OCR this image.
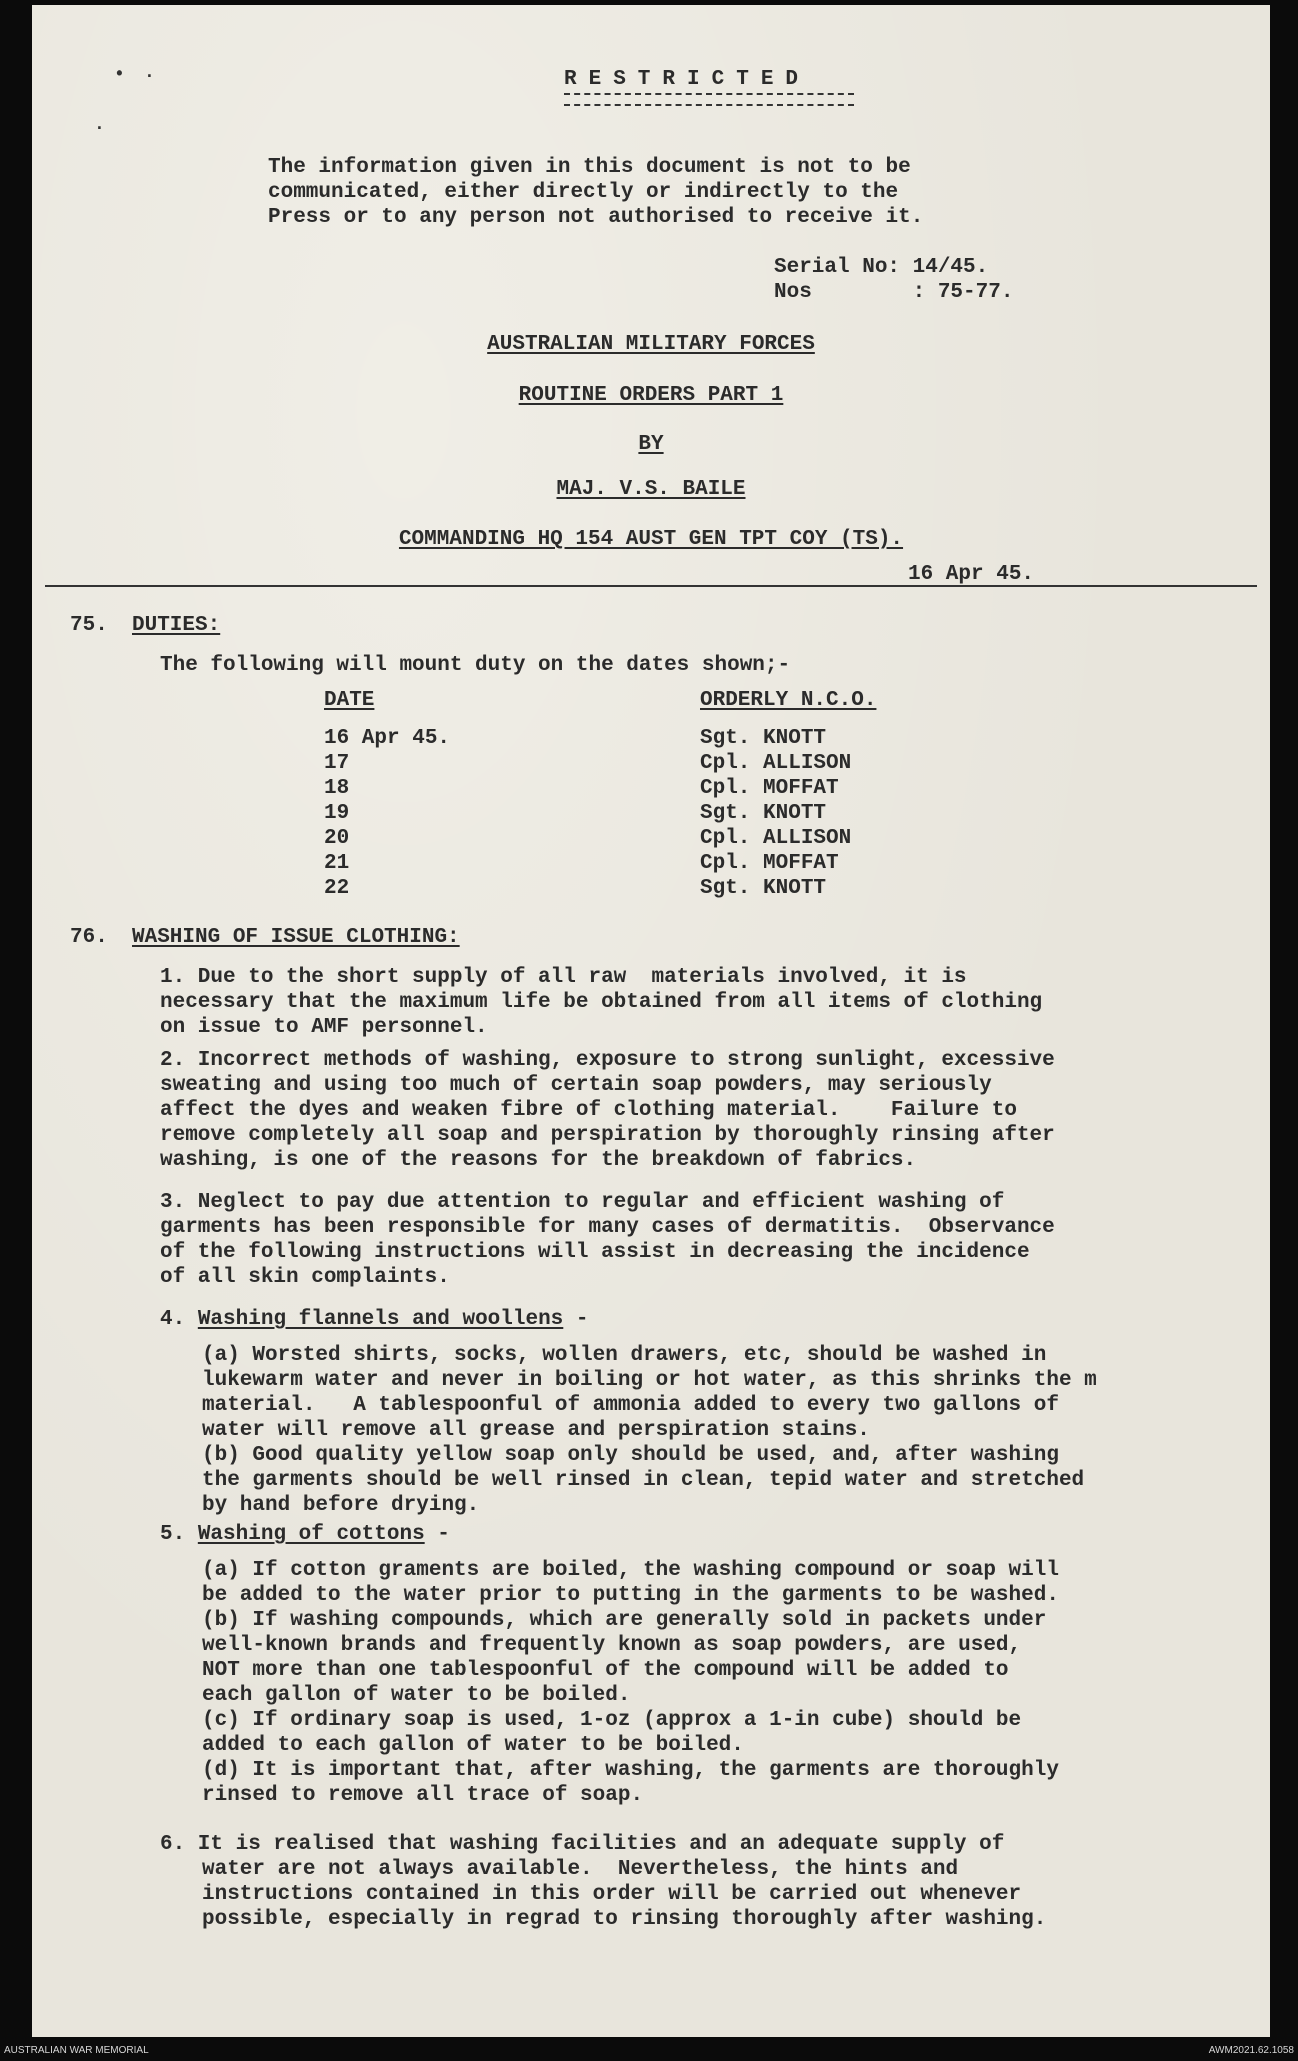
• ·
·
RESTRICTED
The information given in this document is not to be
communicated, either directly or indirectly to the
Press or to any person not authorised to receive it.
Serial No: 14/45.
Nos        : 75-77.
AUSTRALIAN MILITARY FORCES
ROUTINE ORDERS PART 1
BY
MAJ. V.S. BAILE
COMMANDING HQ 154 AUST GEN TPT COY (TS).
16 Apr 45.
75. DUTIES:
The following will mount duty on the dates shown;-
DATE	ORDERLY N.C.O.
16 Apr 45.	Sgt. KNOTT
17	Cpl. ALLISON
18	Cpl. MOFFAT
19	Sgt. KNOTT
20	Cpl. ALLISON
21	Cpl. MOFFAT
22	Sgt. KNOTT
76. WASHING OF ISSUE CLOTHING:
1. Due to the short supply of all raw  materials involved, it is
necessary that the maximum life be obtained from all items of clothing
on issue to AMF personnel.
2. Incorrect methods of washing, exposure to strong sunlight, excessive
sweating and using too much of certain soap powders, may seriously
affect the dyes and weaken fibre of clothing material.    Failure to
remove completely all soap and perspiration by thoroughly rinsing after
washing, is one of the reasons for the breakdown of fabrics.
3. Neglect to pay due attention to regular and efficient washing of
garments has been responsible for many cases of dermatitis.  Observance
of the following instructions will assist in decreasing the incidence
of all skin complaints.
4. Washing flannels and woollens -
(a) Worsted shirts, socks, wollen drawers, etc, should be washed in
lukewarm water and never in boiling or hot water, as this shrinks the m
material.   A tablespoonful of ammonia added to every two gallons of
water will remove all grease and perspiration stains.
(b) Good quality yellow soap only should be used, and, after washing
the garments should be well rinsed in clean, tepid water and stretched
by hand before drying.
5. Washing of cottons -
(a) If cotton graments are boiled, the washing compound or soap will
be added to the water prior to putting in the garments to be washed.
(b) If washing compounds, which are generally sold in packets under
well-known brands and frequently known as soap powders, are used,
NOT more than one tablespoonful of the compound will be added to
each gallon of water to be boiled.
(c) If ordinary soap is used, 1-oz (approx a 1-in cube) should be
added to each gallon of water to be boiled.
(d) It is important that, after washing, the garments are thoroughly
rinsed to remove all trace of soap.
6. It is realised that washing facilities and an adequate supply of
water are not always available.  Nevertheless, the hints and
instructions contained in this order will be carried out whenever
possible, especially in regrad to rinsing thoroughly after washing.
AUSTRALIAN WAR MEMORIAL	AWM2021.62.1058
